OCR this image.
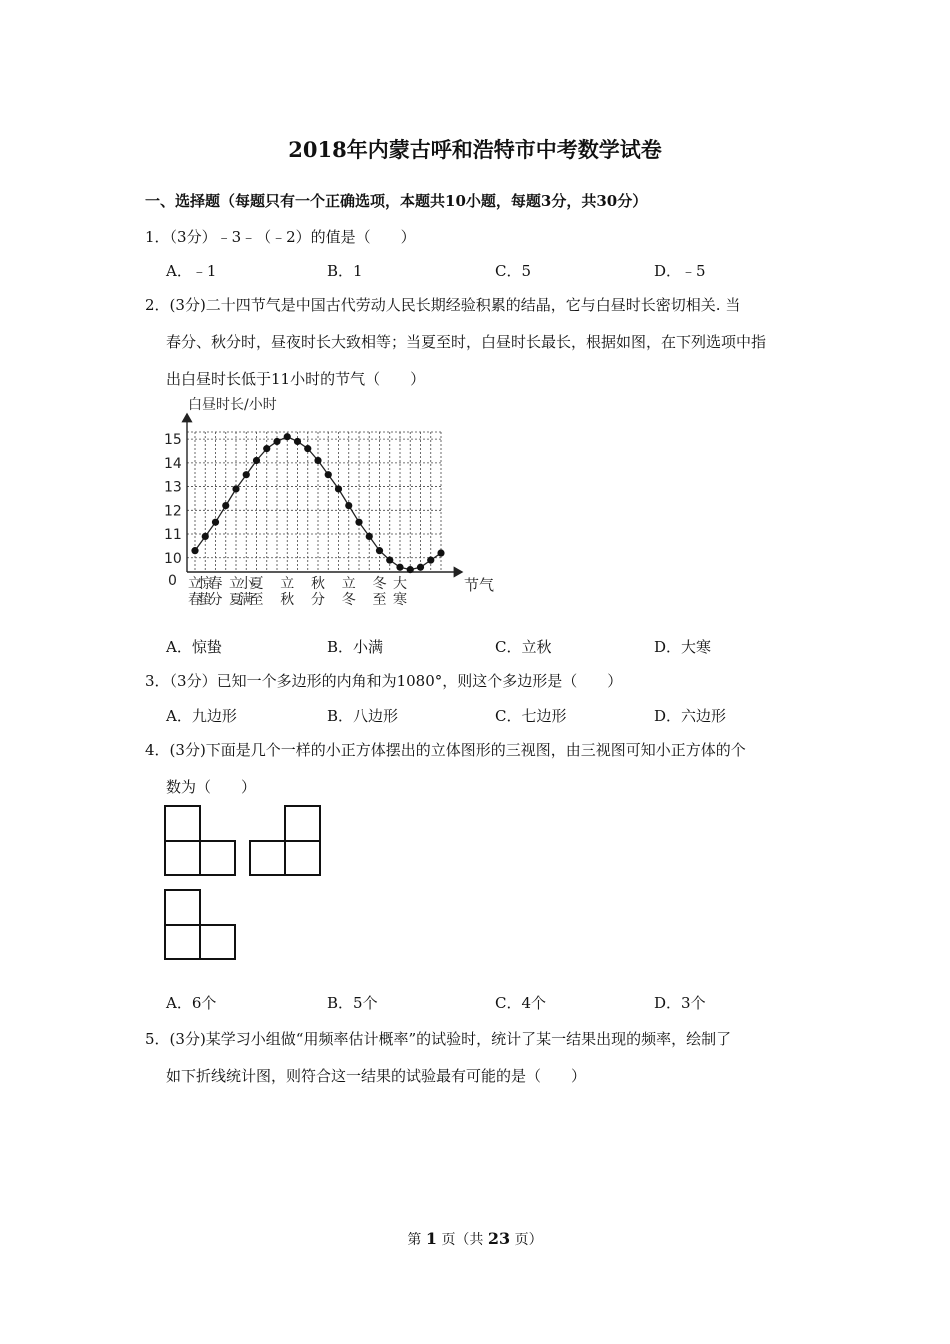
2018年内蒙古呼和浩特市中考数学试卷
一、选择题（每题只有一个正确选项，本题共10小题，每题3分，共30分）
1．（3分）﹣3﹣（﹣2）的值是（　　）
A．﹣1	B．1	C．5	D．﹣5
2．(3分)二十四节气是中国古代劳动人民长期经验积累的结晶，它与白昼时长密切相关. 当
春分、秋分时，昼夜时长大致相等；当夏至时，白昼时长最长，根据如图，在下列选项中指
出白昼时长低于11小时的节气（　　）
白昼时长/小时
节气
0
10
11
12
13
14
15
立
春
惊
蛰
春
分
立
夏
小
满
夏
至
立
秋
秋
分
立
冬
冬
至
大
寒
A．惊蛰	B．小满	C．立秋	D．大寒
3．（3分）已知一个多边形的内角和为1080°，则这个多边形是（　　）
A．九边形	B．八边形	C．七边形	D．六边形
4．(3分)下面是几个一样的小正方体摆出的立体图形的三视图，由三视图可知小正方体的个
数为（　　）
A．6个	B．5个	C．4个	D．3个
5．(3分)某学习小组做“用频率估计概率”的试验时，统计了某一结果出现的频率，绘制了
如下折线统计图，则符合这一结果的试验最有可能的是（　　）
第 1 页（共 23 页）
